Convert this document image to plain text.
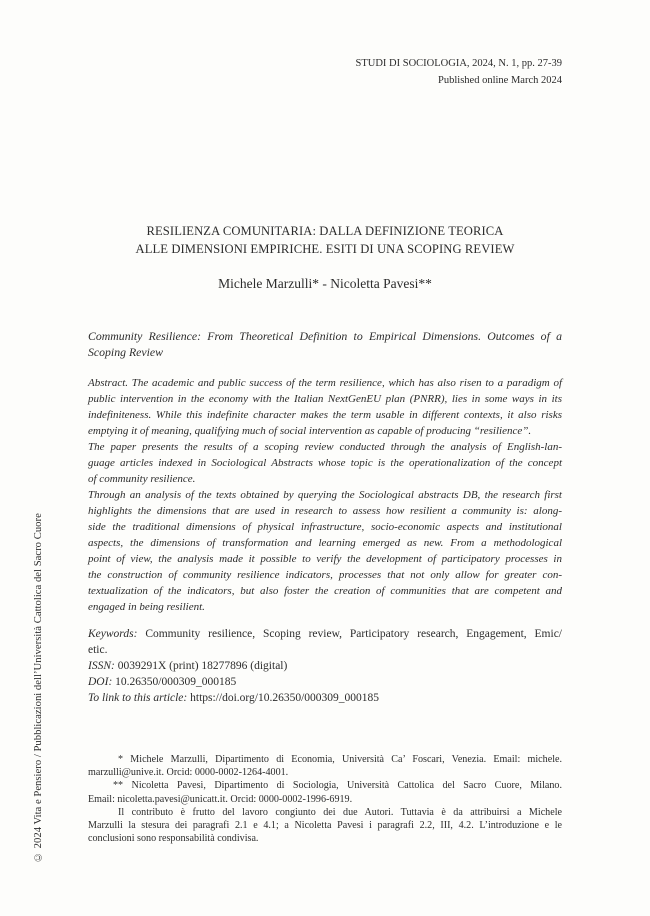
STUDI DI SOCIOLOGIA, 2024, N. 1, pp. 27-39
Published online March 2024
RESILIENZA COMUNITARIA: DALLA DEFINIZIONE TEORICA
ALLE DIMENSIONI EMPIRICHE. ESITI DI UNA SCOPING REVIEW
Michele Marzulli* - Nicoletta Pavesi**
Community Resilience: From Theoretical Definition to Empirical Dimensions. Outcomes of a
Scoping Review
Abstract. The academic and public success of the term resilience, which has also risen to a paradigm of
public intervention in the economy with the Italian NextGenEU plan (PNRR), lies in some ways in its
indefiniteness. While this indefinite character makes the term usable in different contexts, it also risks
emptying it of meaning, qualifying much of social intervention as capable of producing “resilience”.
The paper presents the results of a scoping review conducted through the analysis of English-lan-
guage articles indexed in Sociological Abstracts whose topic is the operationalization of the concept
of community resilience.
Through an analysis of the texts obtained by querying the Sociological abstracts DB, the research first
highlights the dimensions that are used in research to assess how resilient a community is: along-
side the traditional dimensions of physical infrastructure, socio-economic aspects and institutional
aspects, the dimensions of transformation and learning emerged as new. From a methodological
point of view, the analysis made it possible to verify the development of participatory processes in
the construction of community resilience indicators, processes that not only allow for greater con-
textualization of the indicators, but also foster the creation of communities that are competent and
engaged in being resilient.
Keywords: Community resilience, Scoping review, Participatory research, Engagement, Emic/
etic.
ISSN: 0039291X (print) 18277896 (digital)
DOI: 10.26350/000309_000185
To link to this article: https://doi.org/10.26350/000309_000185
* Michele Marzulli, Dipartimento di Economia, Università Ca’ Foscari, Venezia. Email: michele.
marzulli@unive.it. Orcid: 0000-0002-1264-4001.
** Nicoletta Pavesi, Dipartimento di Sociologia, Università Cattolica del Sacro Cuore, Milano.
Email: nicoletta.pavesi@unicatt.it. Orcid: 0000-0002-1996-6919.
Il contributo è frutto del lavoro congiunto dei due Autori. Tuttavia è da attribuirsi a Michele
Marzulli la stesura dei paragrafi 2.1 e 4.1; a Nicoletta Pavesi i paragrafi 2.2, III, 4.2. L’introduzione e le
conclusioni sono responsabilità condivisa.
© 2024 Vita e Pensiero / Pubblicazioni dell’Università Cattolica del Sacro Cuore
